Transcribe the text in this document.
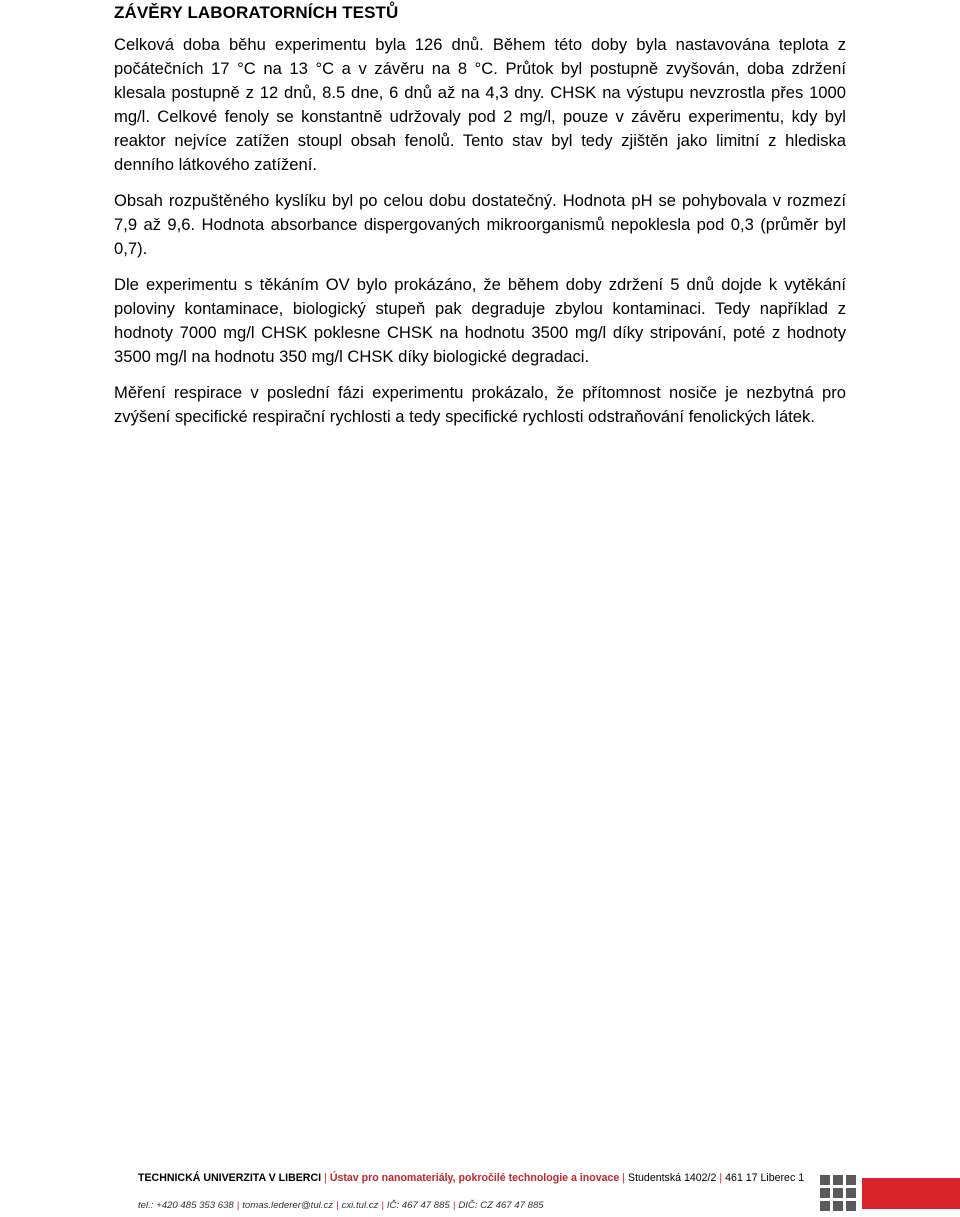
ZÁVĚRY LABORATORNÍCH TESTŮ

Celková doba běhu experimentu byla 126 dnů. Během této doby byla nastavována teplota z počátečních 17 °C na 13 °C a v závěru na 8 °C. Průtok byl postupně zvyšován, doba zdržení klesala postupně z 12 dnů, 8.5 dne, 6 dnů až na 4,3 dny. CHSK na výstupu nevzrostla přes 1000 mg/l. Celkové fenoly se konstantně udržovaly pod 2 mg/l, pouze v závěru experimentu, kdy byl reaktor nejvíce zatížen stoupl obsah fenolů. Tento stav byl tedy zjištěn jako limitní z hlediska denního látkového zatížení.

Obsah rozpuštěného kyslíku byl po celou dobu dostatečný. Hodnota pH se pohybovala v rozmezí 7,9 až 9,6. Hodnota absorbance dispergovaných mikroorganismů nepoklesla pod 0,3 (průměr byl 0,7).

Dle experimentu s těkáním OV bylo prokázáno, že během doby zdržení 5 dnů dojde k vytěkání poloviny kontaminace, biologický stupeň pak degraduje zbylou kontaminaci. Tedy například z hodnoty 7000 mg/l CHSK poklesne CHSK na hodnotu 3500 mg/l díky stripování, poté z hodnoty 3500 mg/l na hodnotu 350 mg/l CHSK díky biologické degradaci.

Měření respirace v poslední fázi experimentu prokázalo, že přítomnost nosiče je nezbytná pro zvýšení specifické respirační rychlosti a tedy specifické rychlosti odstraňování fenolických látek.

TECHNICKÁ UNIVERZITA V LIBERCI | Ústav pro nanomateriály, pokročilé technologie a inovace | Studentská 1402/2 | 461 17 Liberec 1
tel.: +420 485 353 638 | tomas.lederer@tul.cz | cxi.tul.cz | IČ: 467 47 885 | DIČ: CZ 467 47 885
